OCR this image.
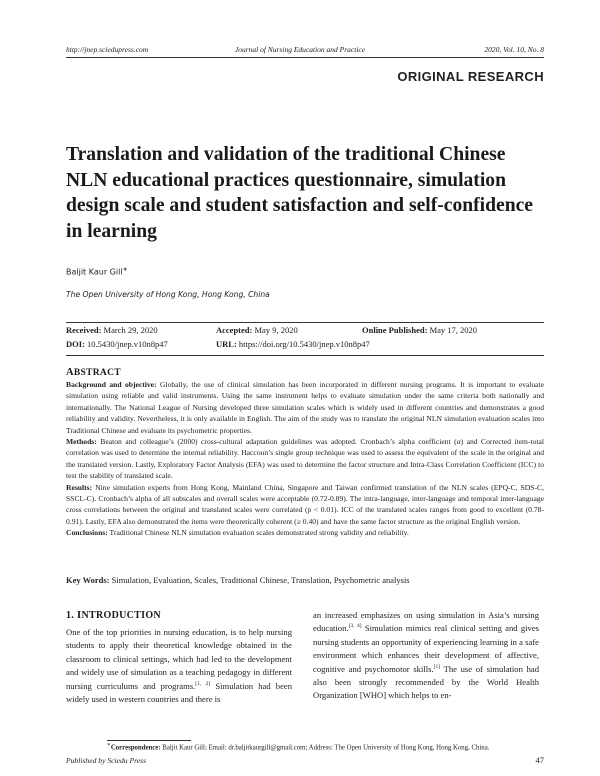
http://jnep.sciedupress.com	Journal of Nursing Education and Practice	2020, Vol. 10, No. 8
ORIGINAL RESEARCH
Translation and validation of the traditional Chinese NLN educational practices questionnaire, simulation design scale and student satisfaction and self-confidence in learning
Baljit Kaur Gill∗
The Open University of Hong Kong, Hong Kong, China
Received: March 29, 2020	Accepted: May 9, 2020	Online Published: May 17, 2020
DOI: 10.5430/jnep.v10n8p47	URL: https://doi.org/10.5430/jnep.v10n8p47
ABSTRACT

Background and objective: Globally, the use of clinical simulation has been incorporated in different nursing programs. It is important to evaluate simulation using reliable and valid instruments. Using the same instrument helps to evaluate simulation under the same criteria both nationally and internationally. The National League of Nursing developed three simulation scales which is widely used in different countries and demonstrates a good reliability and validity. Nevertheless, it is only available in English. The aim of the study was to translate the original NLN simulation evaluation scales into Traditional Chinese and evaluate its psychometric properties.

Methods: Beaton and colleague’s (2000) cross-cultural adaptation guidelines was adopted. Cronbach’s alpha coefficient (α) and Corrected item-total correlation was used to determine the internal reliability. Haccoun’s single group technique was used to assess the equivalent of the scale in the original and the translated version. Lastly, Exploratory Factor Analysis (EFA) was used to determine the factor structure and Intra-Class Correlation Coefficient (ICC) to test the stability of translated scale.

Results: Nine simulation experts from Hong Kong, Mainland China, Singapore and Taiwan confirmed translation of the NLN scales (EPQ-C, SDS-C, SSCL-C). Cronbach’s alpha of all subscales and overall scales were acceptable (0.72-0.89). The intra-language, inter-language and temporal inter-language cross correlations between the original and translated scales were correlated (p < 0.01). ICC of the translated scales ranges from good to excellent (0.78-0.91). Lastly, EFA also demonstrated the items were theoretically coherent (≥ 0.40) and have the same factor structure as the original English version.

Conclusions: Traditional Chinese NLN simulation evaluation scales demonstrated strong validity and reliability.

Key Words: Simulation, Evaluation, Scales, Traditional Chinese, Translation, Psychometric analysis
1. INTRODUCTION
One of the top priorities in nursing education, is to help nursing students to apply their theoretical knowledge obtained in the classroom to clinical settings, which had led to the development and widely use of simulation as a teaching pedagogy in different nursing curriculums and programs.[1, 2] Simulation had been widely used in western countries and there is
an increased emphasizes on using simulation in Asia’s nursing education.[3, 4] Simulation mimics real clinical setting and gives nursing students an opportunity of experiencing learning in a safe environment which enhances their development of affective, cognitive and psychomotor skills.[1] The use of simulation had also been strongly recommended by the World Health Organization [WHO] which helps to en-
∗Correspondence: Baljit Kaur Gill; Email: dr.baljitkaurgill@gmail.com; Address: The Open University of Hong Kong, Hong Kong, China.
Published by Sciedu Press	47
